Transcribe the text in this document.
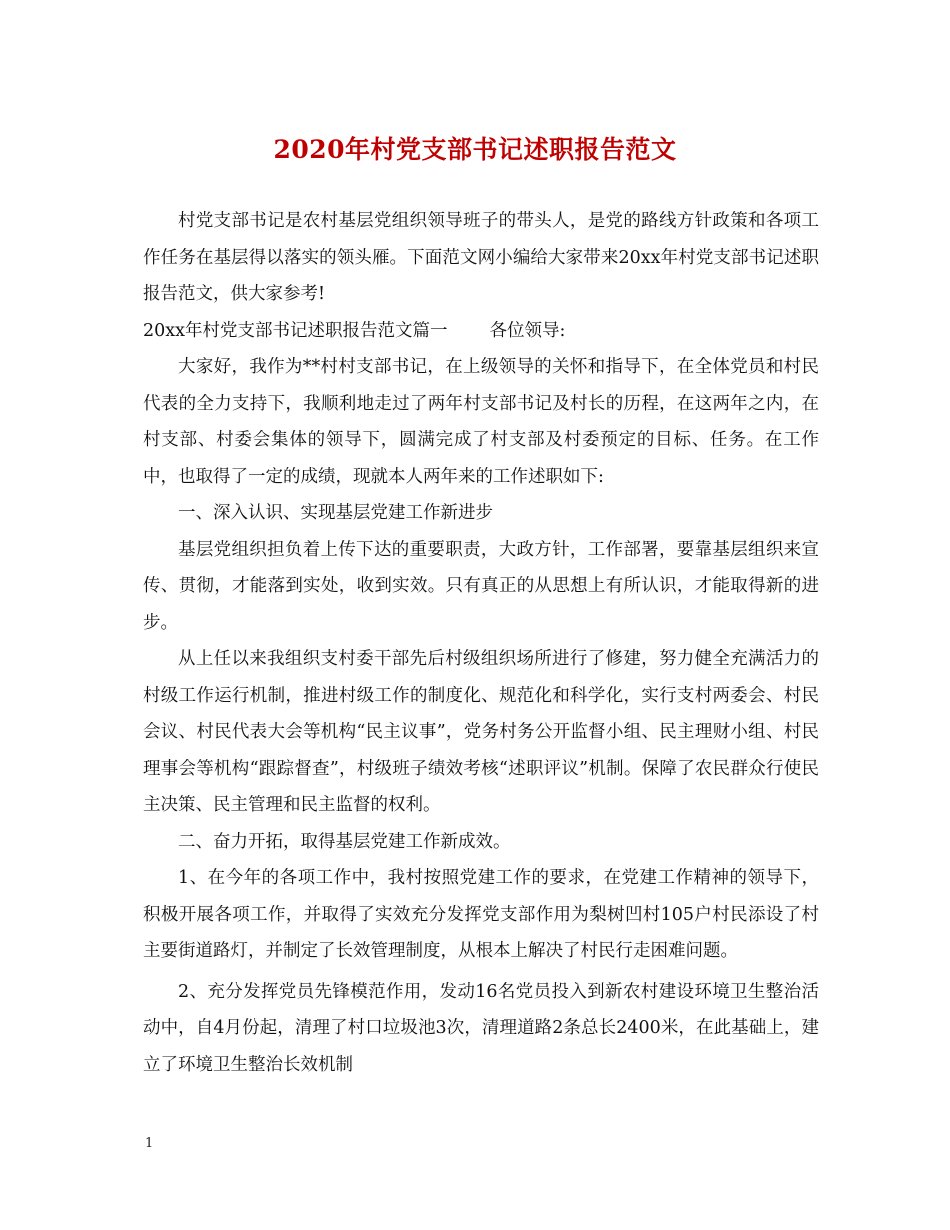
2020年村党支部书记述职报告范文

村党支部书记是农村基层党组织领导班子的带头人，是党的路线方针政策和各项工作任务在基层得以落实的领头雁。下面范文网小编给大家带来20xx年村党支部书记述职报告范文，供大家参考!

20xx年村党支部书记述职报告范文篇一 各位领导:

大家好，我作为**村村支部书记，在上级领导的关怀和指导下，在全体党员和村民代表的全力支持下，我顺利地走过了两年村支部书记及村长的历程，在这两年之内，在村支部、村委会集体的领导下，圆满完成了村支部及村委预定的目标、任务。在工作中，也取得了一定的成绩，现就本人两年来的工作述职如下:

一、深入认识、实现基层党建工作新进步

基层党组织担负着上传下达的重要职责，大政方针，工作部署，要靠基层组织来宣传、贯彻，才能落到实处，收到实效。只有真正的从思想上有所认识，才能取得新的进步。

从上任以来我组织支村委干部先后村级组织场所进行了修建，努力健全充满活力的村级工作运行机制，推进村级工作的制度化、规范化和科学化，实行支村两委会、村民会议、村民代表大会等机构“民主议事”，党务村务公开监督小组、民主理财小组、村民理事会等机构“跟踪督查”，村级班子绩效考核“述职评议”机制。保障了农民群众行使民主决策、民主管理和民主监督的权利。

二、奋力开拓，取得基层党建工作新成效。

1、在今年的各项工作中，我村按照党建工作的要求，在党建工作精神的领导下，积极开展各项工作，并取得了实效充分发挥党支部作用为梨树凹村105户村民添设了村主要街道路灯，并制定了长效管理制度，从根本上解决了村民行走困难问题。

2、充分发挥党员先锋模范作用，发动16名党员投入到新农村建设环境卫生整治活动中，自4月份起，清理了村口垃圾池3次，清理道路2条总长2400米，在此基础上，建立了环境卫生整治长效机制

1
